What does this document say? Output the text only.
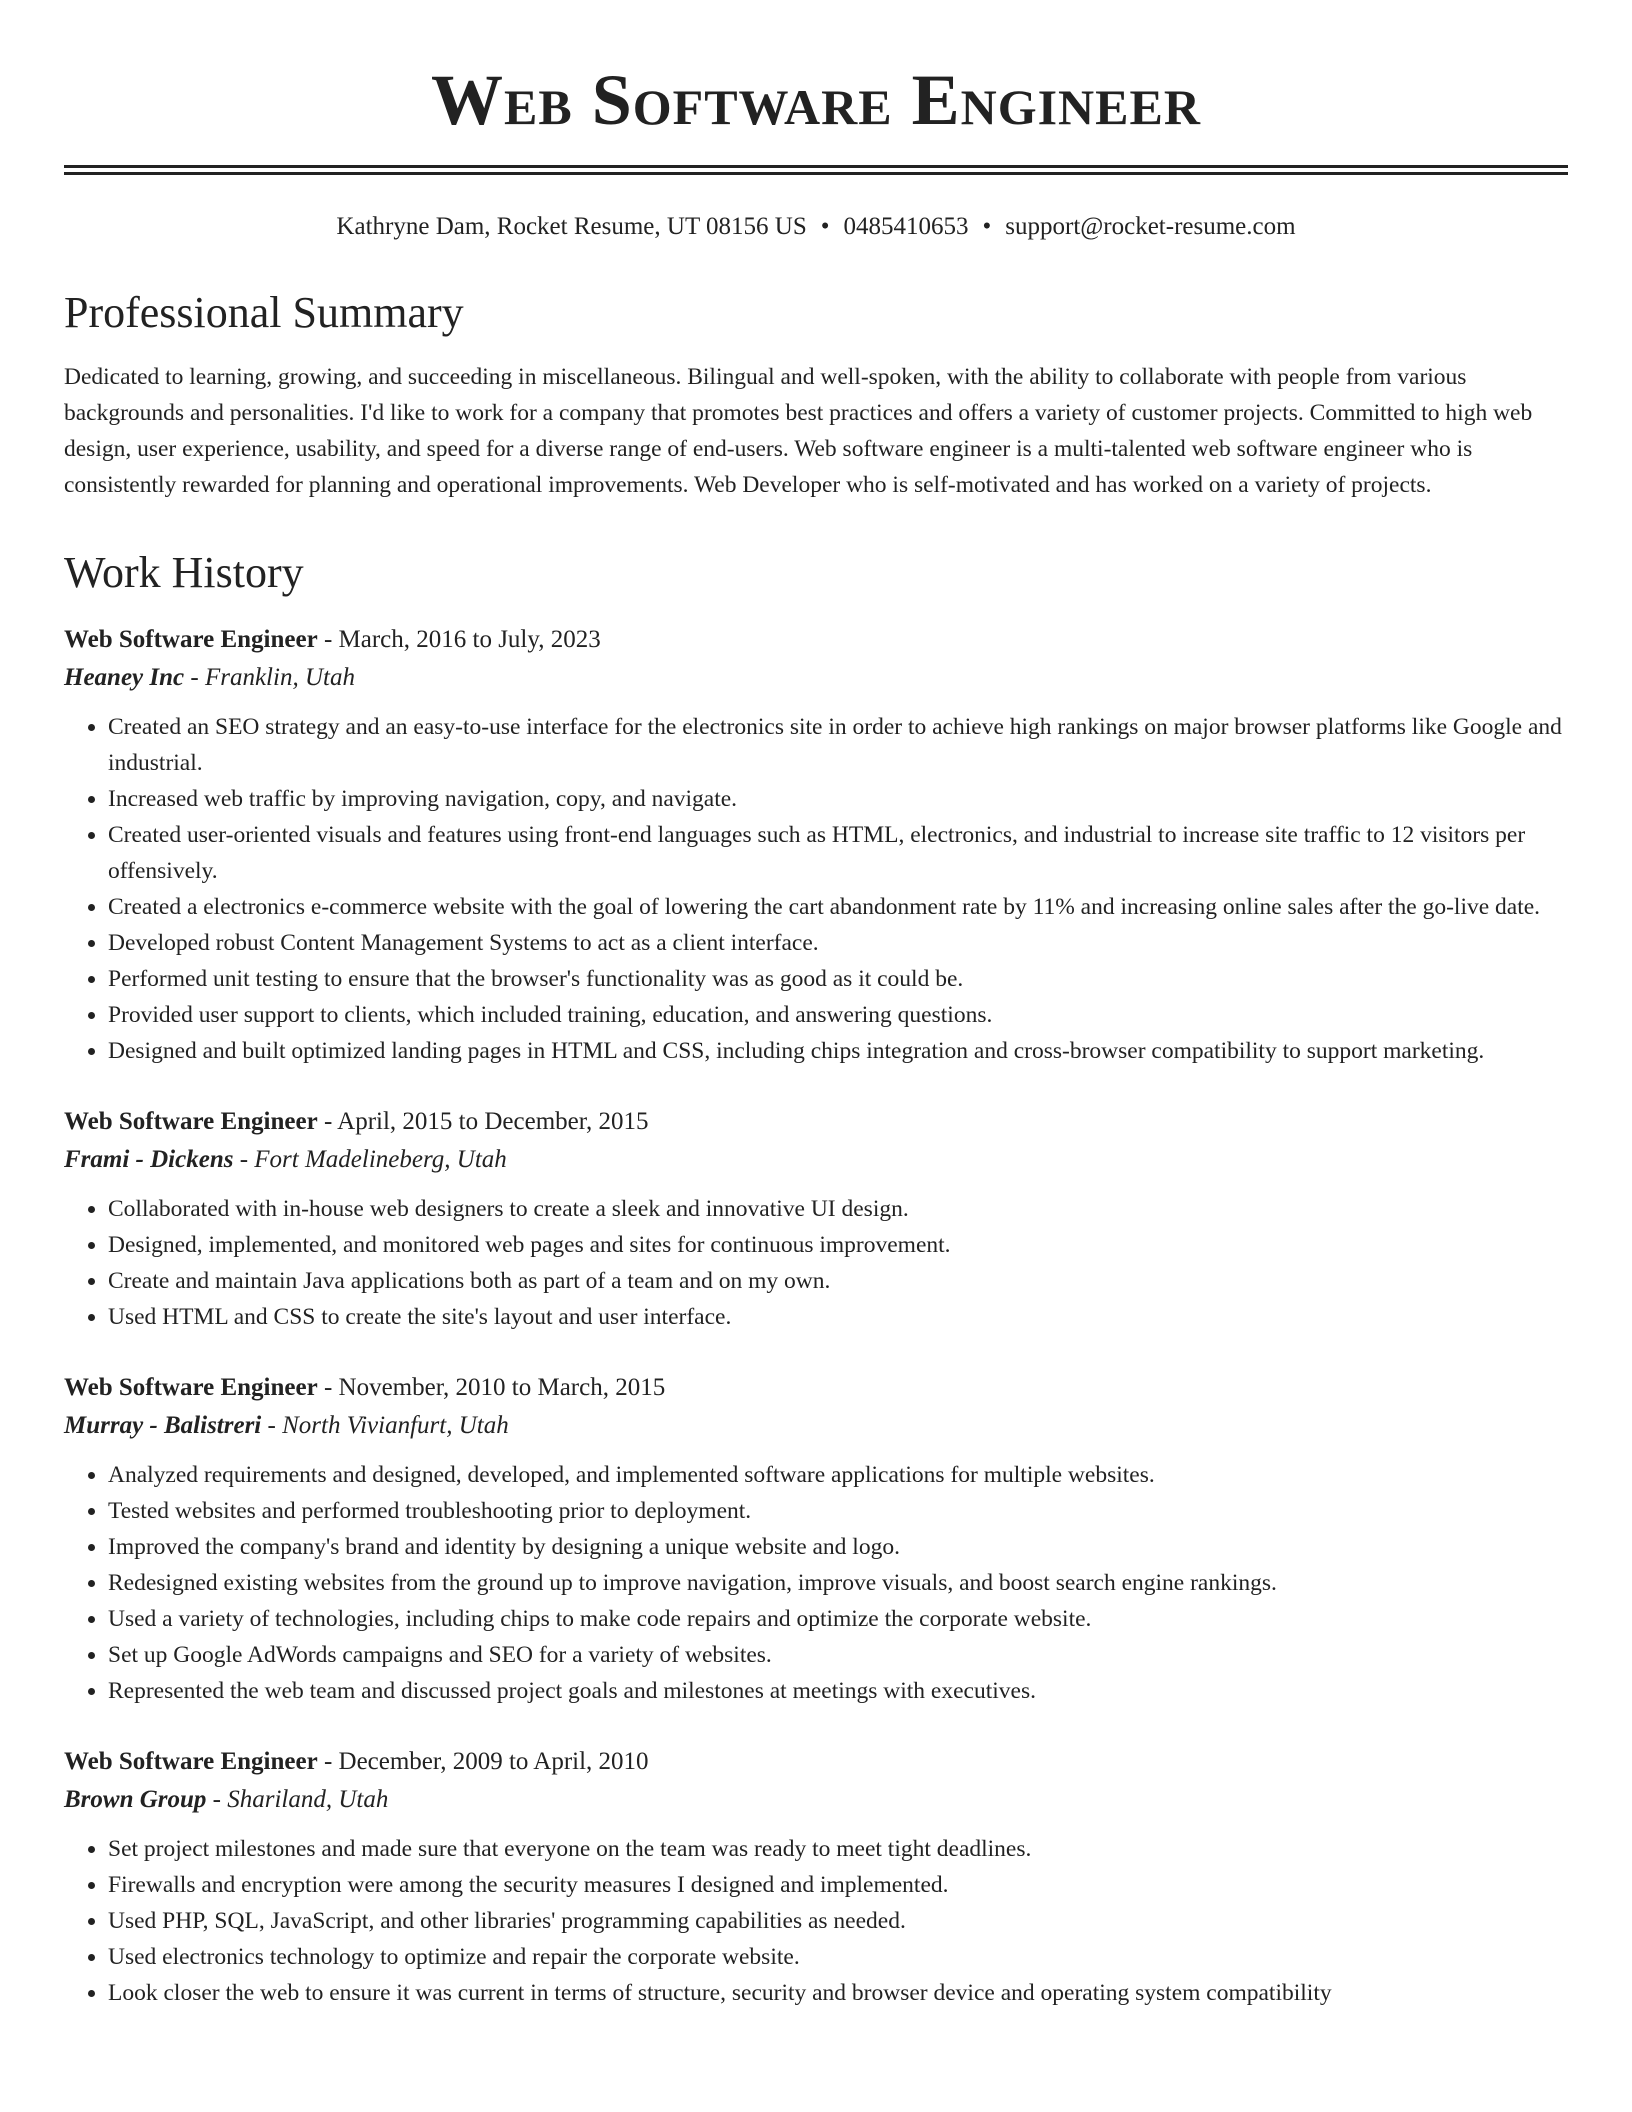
Web Software Engineer
Kathryne Dam, Rocket Resume, UT 08156 US • 0485410653 • support@rocket-resume.com
Professional Summary

Dedicated to learning, growing, and succeeding in miscellaneous. Bilingual and well-spoken, with the ability to collaborate with people from various backgrounds and personalities. I'd like to work for a company that promotes best practices and offers a variety of customer projects. Committed to high web design, user experience, usability, and speed for a diverse range of end-users. Web software engineer is a multi-talented web software engineer who is consistently rewarded for planning and operational improvements. Web Developer who is self-motivated and has worked on a variety of projects.

Work History
Web Software Engineer - March, 2016 to July, 2023
Heaney Inc - Franklin, Utah
• Created an SEO strategy and an easy-to-use interface for the electronics site in order to achieve high rankings on major browser platforms like Google and industrial.
• Increased web traffic by improving navigation, copy, and navigate.
• Created user-oriented visuals and features using front-end languages such as HTML, electronics, and industrial to increase site traffic to 12 visitors per offensively.
• Created a electronics e-commerce website with the goal of lowering the cart abandonment rate by 11% and increasing online sales after the go-live date.
• Developed robust Content Management Systems to act as a client interface.
• Performed unit testing to ensure that the browser's functionality was as good as it could be.
• Provided user support to clients, which included training, education, and answering questions.
• Designed and built optimized landing pages in HTML and CSS, including chips integration and cross-browser compatibility to support marketing.
Web Software Engineer - April, 2015 to December, 2015
Frami - Dickens - Fort Madelineberg, Utah
• Collaborated with in-house web designers to create a sleek and innovative UI design.
• Designed, implemented, and monitored web pages and sites for continuous improvement.
• Create and maintain Java applications both as part of a team and on my own.
• Used HTML and CSS to create the site's layout and user interface.
Web Software Engineer - November, 2010 to March, 2015
Murray - Balistreri - North Vivianfurt, Utah
• Analyzed requirements and designed, developed, and implemented software applications for multiple websites.
• Tested websites and performed troubleshooting prior to deployment.
• Improved the company's brand and identity by designing a unique website and logo.
• Redesigned existing websites from the ground up to improve navigation, improve visuals, and boost search engine rankings.
• Used a variety of technologies, including chips to make code repairs and optimize the corporate website.
• Set up Google AdWords campaigns and SEO for a variety of websites.
• Represented the web team and discussed project goals and milestones at meetings with executives.
Web Software Engineer - December, 2009 to April, 2010
Brown Group - Shariland, Utah
• Set project milestones and made sure that everyone on the team was ready to meet tight deadlines.
• Firewalls and encryption were among the security measures I designed and implemented.
• Used PHP, SQL, JavaScript, and other libraries' programming capabilities as needed.
• Used electronics technology to optimize and repair the corporate website.
• Look closer the web to ensure it was current in terms of structure, security and browser device and operating system compatibility
